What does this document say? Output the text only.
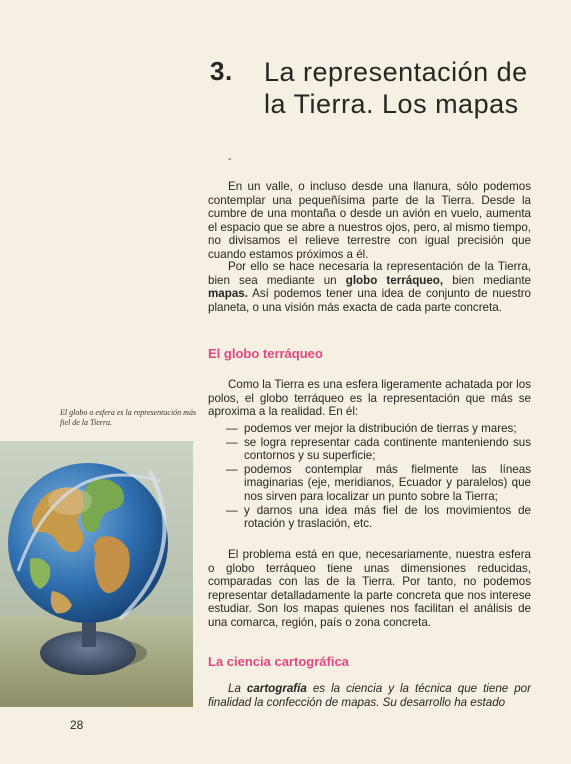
3. La representación de
la Tierra. Los mapas
-

En un valle, o incluso desde una llanura, sólo podemos contemplar una pequeñísima parte de la Tierra. Desde la cumbre de una montaña o desde un avión en vuelo, aumenta el espacio que se abre a nuestros ojos, pero, al mismo tiempo, no divisamos el relieve terrestre con igual precisión que cuando estamos próximos a él.

Por ello se hace necesaria la representación de la Tierra, bien sea mediante un globo terráqueo, bien mediante mapas. Así podemos tener una idea de conjunto de nuestro planeta, o una visión más exacta de cada parte concreta.

El globo terráqueo

Como la Tierra es una esfera ligeramente achatada por los polos, el globo terráqueo es la representación que más se aproxima a la realidad. En él:

— podemos ver mejor la distribución de tierras y mares;
— se logra representar cada continente manteniendo sus contornos y su superficie;
— podemos contemplar más fielmente las líneas imaginarias (eje, meridianos, Ecuador y paralelos) que nos sirven para localizar un punto sobre la Tierra;
— y darnos una idea más fiel de los movimientos de rotación y traslación, etc.

El problema está en que, necesariamente, nuestra esfera o globo terráqueo tiene unas dimensiones reducidas, comparadas con las de la Tierra. Por tanto, no podemos representar detalladamente la parte concreta que nos interese estudiar. Son los mapas quienes nos facilitan el análisis de una comarca, región, país o zona concreta.

La ciencia cartográfica

La cartografía es la ciencia y la técnica que tiene por finalidad la confección de mapas. Su desarrollo ha estado

El globo o esfera es la representación más fiel de la Tierra.
28
